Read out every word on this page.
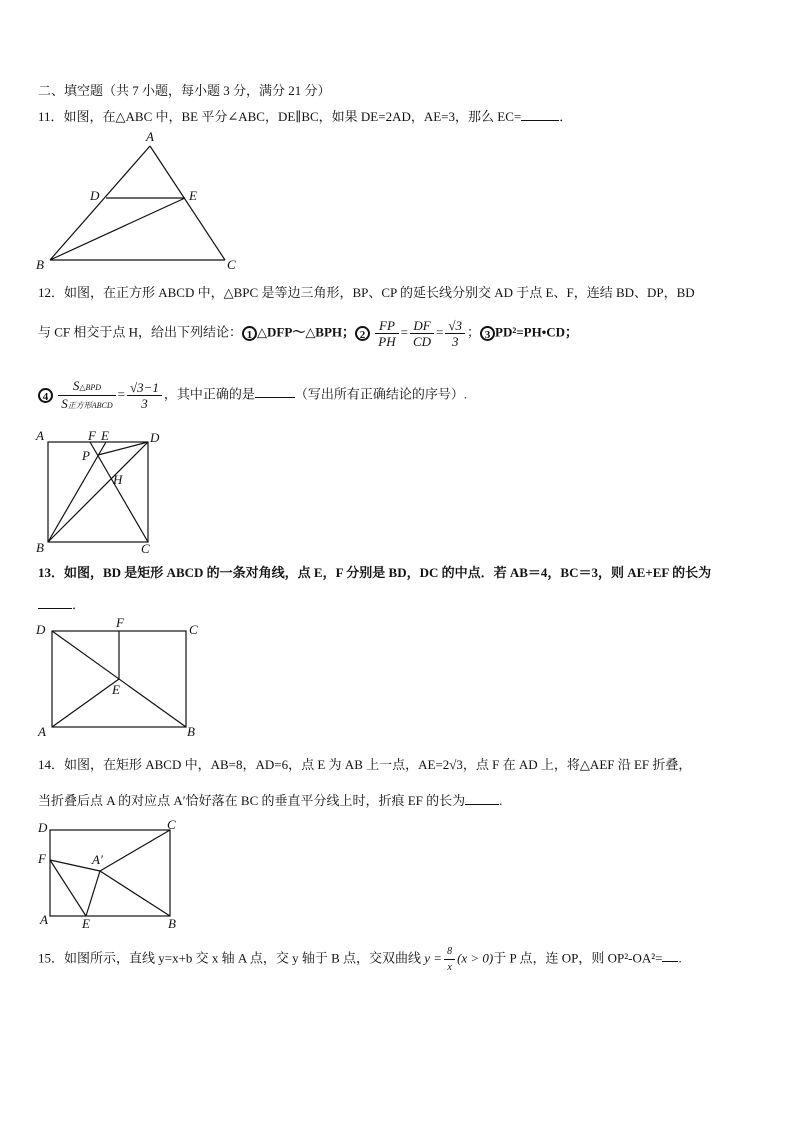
二、填空题（共 7 小题，每小题 3 分，满分 21 分）
11．如图，在△ABC 中，BE 平分∠ABC，DE∥BC，如果 DE=2AD，AE=3，那么 EC=	．
A
D	E
B	C
12．如图，在正方形 ABCD 中，△BPC 是等边三角形，BP、CP 的延长线分别交 AD 于点 E、F，连结 BD、DP，BD
与 CF 相交于点 H，给出下列结论： 1 △DFP～△BPH； $2 \frac{FP}{PH} = \frac{DF}{CD} = \frac{√3}{3}$ ； 3 PD²=PH•CD；
$4 \frac{\text{S△BPD}}{\text{S正方形ABCD}} = \frac{√3-1}{3}$ ，其中正确的是	（写出所有正确结论的序号）.
A	F E	D
P
H
B	C
13．如图，BD 是矩形 ABCD 的一条对角线，点 E，F 分别是 BD，DC 的中点．若 AB＝4，BC＝3，则 AE+EF 的长为
．
D	F	C
E
A	B
14．如图，在矩形 ABCD 中，AB=8，AD=6，点 E 为 AB 上一点，AE=2√3，点 F 在 AD 上，将△AEF 沿 EF 折叠，
当折叠后点 A 的对应点 A′恰好落在 BC 的垂直平分线上时，折痕 EF 的长为	.
D	C
F	A′
A	E	B
15．如图所示，直线 y=x+b 交 x 轴 A 点，交 y 轴于 B 点，交双曲线 $y = \frac{8}{x} (x > 0)$于 P 点，连 OP，则 OP²-OA²= .
